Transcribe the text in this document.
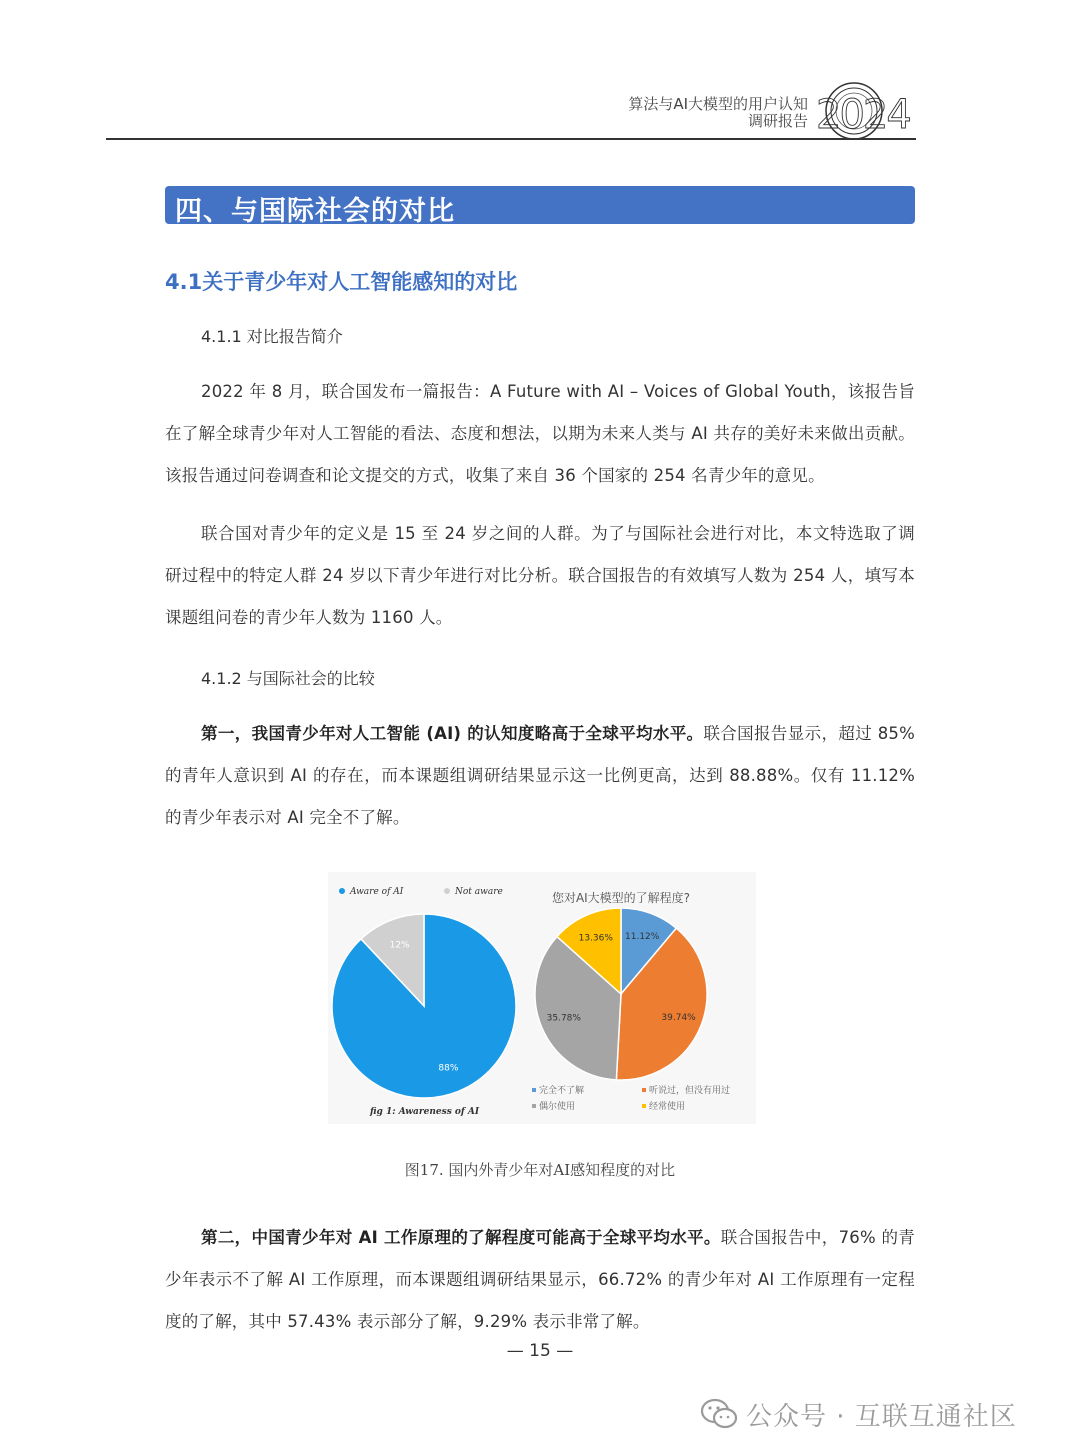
算法与AI大模型的用户认知
调研报告 2024
四、与国际社会的对比
4.1关于青少年对人工智能感知的对比
4.1.1 对比报告简介
2022 年 8 月，联合国发布一篇报告：A Future with AI – Voices of Global Youth，该报告旨在了解全球青少年对人工智能的看法、态度和想法，以期为未来人类与 AI 共存的美好未来做出贡献。该报告通过问卷调查和论文提交的方式，收集了来自 36 个国家的 254 名青少年的意见。
联合国对青少年的定义是 15 至 24 岁之间的人群。为了与国际社会进行对比，本文特选取了调研过程中的特定人群 24 岁以下青少年进行对比分析。联合国报告的有效填写人数为 254 人，填写本课题组问卷的青少年人数为 1160 人。
4.1.2 与国际社会的比较
第一，我国青少年对人工智能 (AI) 的认知度略高于全球平均水平。联合国报告显示，超过 85% 的青年人意识到 AI 的存在，而本课题组调研结果显示这一比例更高，达到 88.88%。仅有 11.12% 的青少年表示对 AI 完全不了解。
Aware of AI	Not aware
88%
12%
fig 1: Awareness of AI
您对AI大模型的了解程度?
11.12%
39.74%
35.78%
13.36%
完全不了解	听说过，但没有用过
偶尔使用	经常使用
图17. 国内外青少年对AI感知程度的对比
第二，中国青少年对 AI 工作原理的了解程度可能高于全球平均水平。联合国报告中，76% 的青少年表示不了解 AI 工作原理，而本课题组调研结果显示，66.72% 的青少年对 AI 工作原理有一定程度的了解，其中 57.43% 表示部分了解，9.29% 表示非常了解。
— 15 —
公众号 · 互联互通社区
